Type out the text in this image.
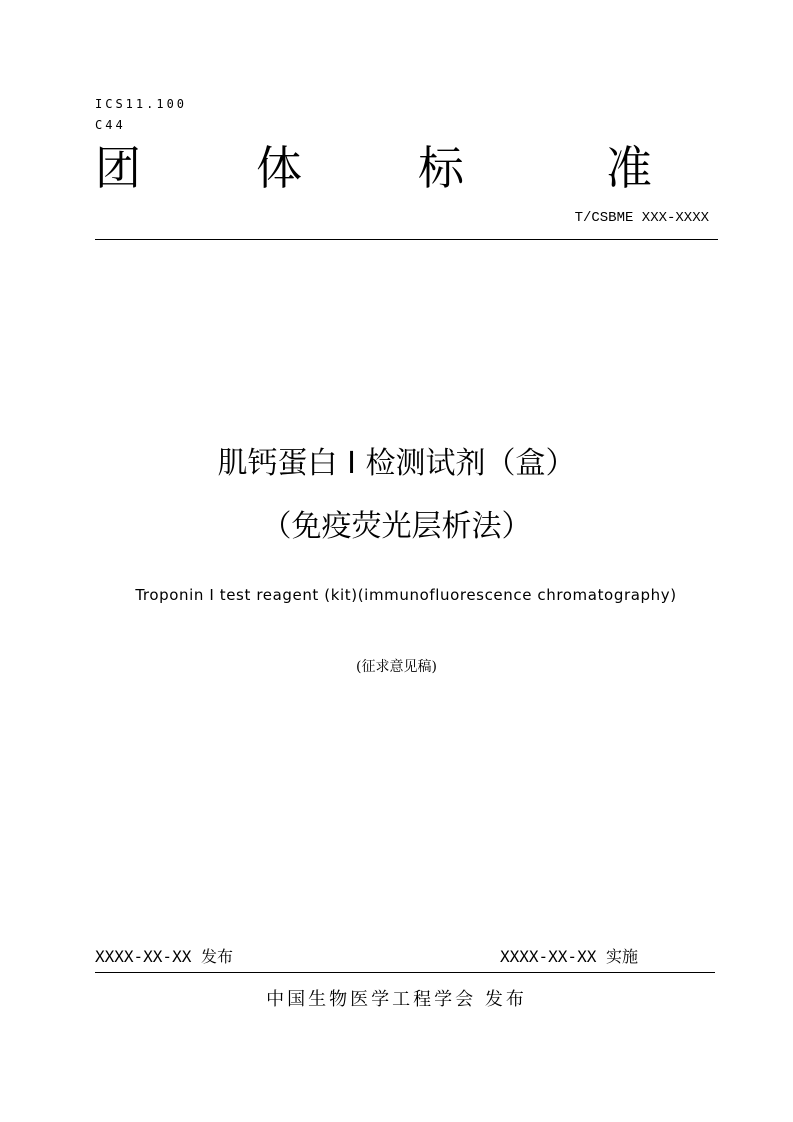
ICS11.100
C44
团	体	标	准
T/CSBME XXX-XXXX
肌钙蛋白 I 检测试剂（盒）
（免疫荧光层析法）
Troponin I test reagent (kit)(immunofluorescence chromatography)
(征求意见稿)
XXXX-XX-XX 发布	XXXX-XX-XX 实施
中国生物医学工程学会 发布
